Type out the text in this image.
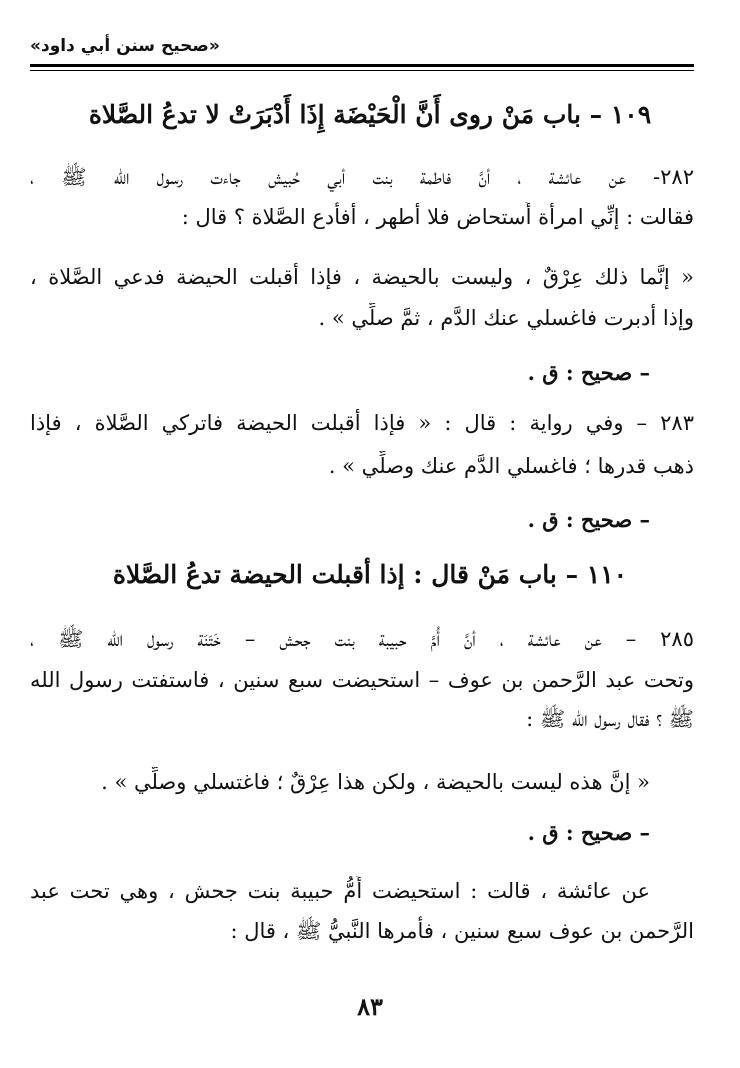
«صحيح سنن أبي داود»
١٠٩ – باب مَنْ روى أَنَّ الْحَيْضَة إِذَا أَدْبَرَتْ لا تدعُ الصَّلاة
٢٨٢- عن عائشة ، أنَّ فاطمة بنت أبي حُبيش جاءت رسول الله ﷺ ،
فقالت : إنِّي امرأة أُستحاض فلا أطهر ، أفأدع الصَّلاة ؟ قال :
« إنَّما ذلك عِرْقٌ ، وليست بالحيضة ، فإذا أقبلت الحيضة فدعي الصَّلاة ،
وإذا أدبرت فاغسلي عنك الدَّم ، ثمَّ صلِّي » .
– صحيح : ق .
٢٨٣ – وفي رواية : قال : « فإذا أقبلت الحيضة فاتركي الصَّلاة ، فإذا
ذهب قدرها ؛ فاغسلي الدَّم عنك وصلِّي » .
– صحيح : ق .
١١٠ – باب مَنْ قال : إذا أقبلت الحيضة تدعُ الصَّلاة
٢٨٥ – عن عائشة ، أنَّ أُمَّ حبيبة بنت جحش – خَتَنَة رسول الله ﷺ ،
وتحت عبد الرَّحمن بن عوف – استحيضت سبع سنين ، فاستفتت رسول الله
ﷺ ؟ فقال رسول الله ﷺ :
« إنَّ هذه ليست بالحيضة ، ولكن هذا عِرْقٌ ؛ فاغتسلي وصلِّي » .
– صحيح : ق .
عن عائشة ، قالت : استحيضت أُمُّ حبيبة بنت جحش ، وهي تحت عبد
الرَّحمن بن عوف سبع سنين ، فأمرها النَّبيُّ ﷺ ، قال :
٨٣
